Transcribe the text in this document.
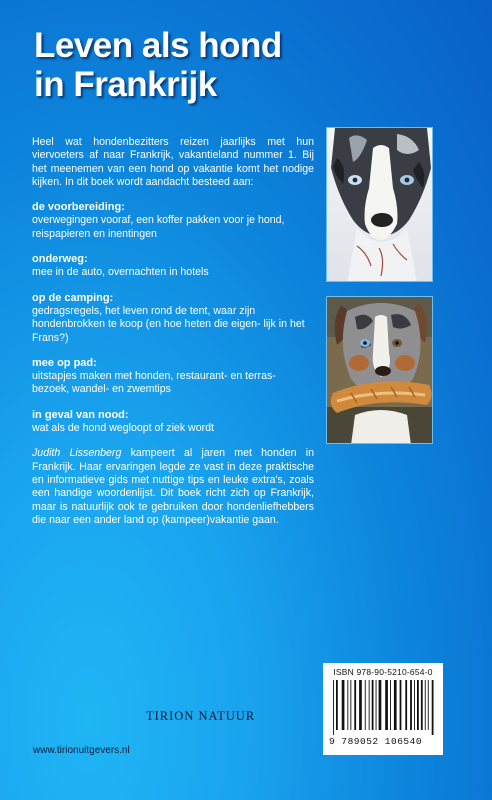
Leven als hond
in Frankrijk

Heel wat hondenbezitters reizen jaarlijks met hun viervoeters af naar Frankrijk, vakantieland nummer 1. Bij het meenemen van een hond op vakantie komt het nodige kijken. In dit boek wordt aandacht besteed aan:

de voorbereiding:
overwegingen vooraf, een koffer pakken voor je hond, reispapieren en inentingen

onderweg:
mee in de auto, overnachten in hotels

op de camping:
gedragsregels, het leven rond de tent, waar zijn hondenbrokken te koop (en hoe heten die eigen- lijk in het Frans?)

mee op pad:
uitstapjes maken met honden, restaurant- en terras- bezoek, wandel- en zwemtips

in geval van nood:
wat als de hond wegloopt of ziek wordt

Judith Lissenberg kampeert al jaren met honden in Frankrijk. Haar ervaringen legde ze vast in deze praktische en informatieve gids met nuttige tips en leuke extra's, zoals een handige woordenlijst. Dit boek richt zich op Frankrijk, maar is natuurlijk ook te gebruiken door hondenliefhebbers die naar een ander land op (kampeer)vakantie gaan.

ISBN 978-90-5210-654-0
9 789052 106540
TIRION NATUUR
www.tirionuitgevers.nl
